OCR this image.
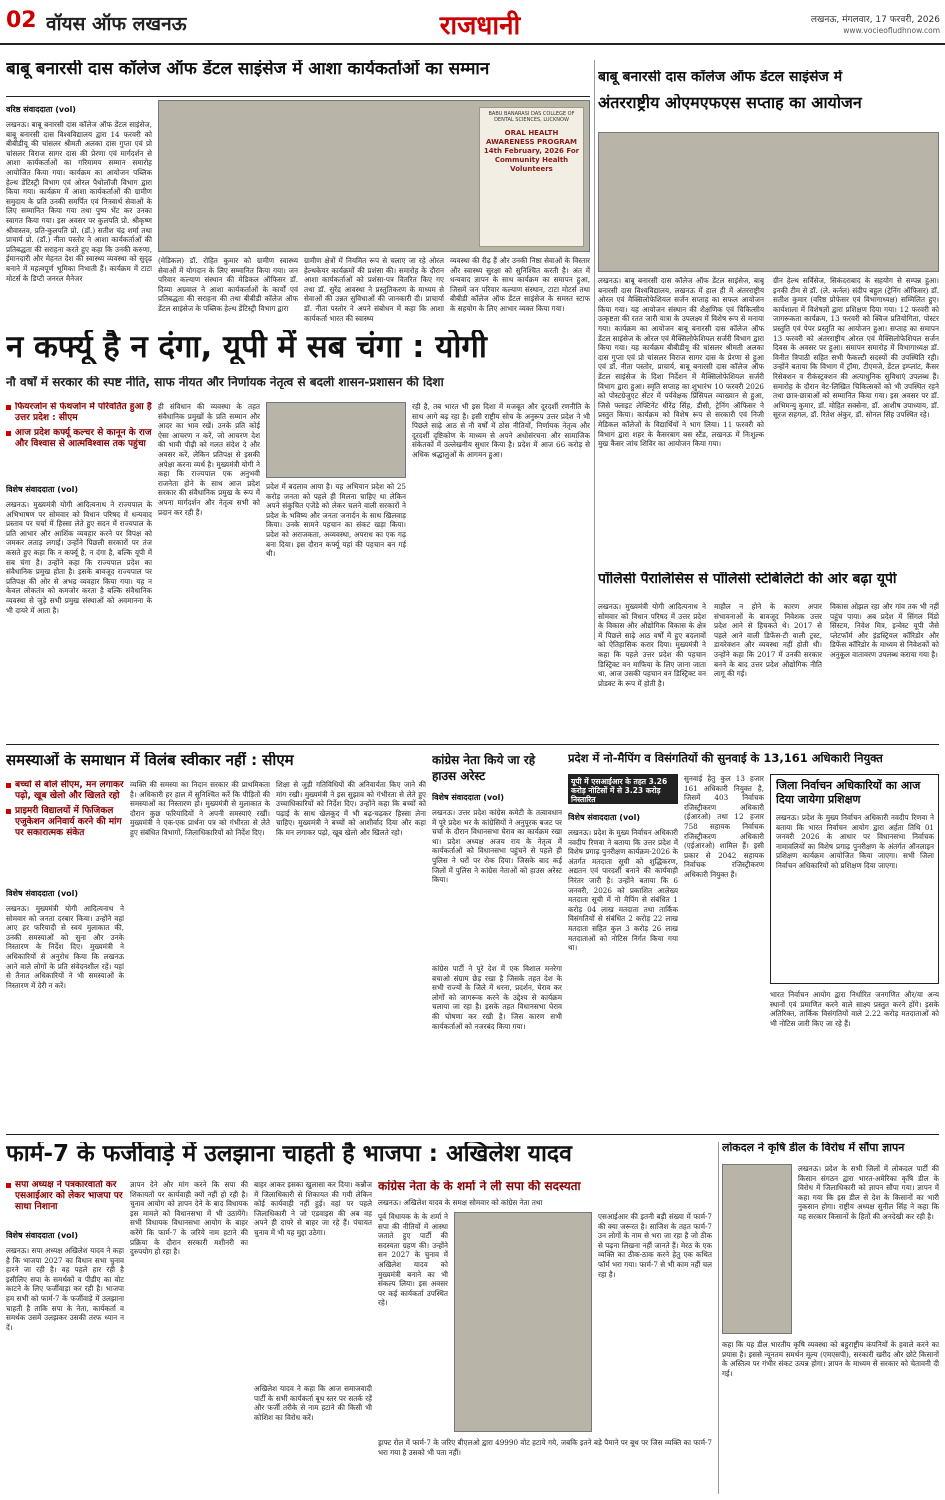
02 वॉयस ऑफ लखनऊ	राजधानी	लखनऊ, मंगलवार, 17 फरवरी, 2026
www.vocieofludhnow.com
बाबू बनारसी दास कॉलेज ऑफ डेंटल साइंसेज में आशा कार्यकर्ताओं का सम्मान
वरिष्ठ संवाददाता (vol)
लखनऊ। बाबू बनारसी दास कॉलेज ऑफ डेंटल साइंसेज, बाबू बनारसी दास विश्वविद्यालय द्वारा 14 फरवरी को बीबीडीयू की चांसलर श्रीमती अलका दास गुप्ता एवं प्रो चांसलर विराज सागर दास की प्रेरणा एवं मार्गदर्शन से आशा कार्यकर्ताओं का गरिमामय सम्मान समारोह आयोजित किया गया। कार्यक्रम का आयोजन पब्लिक हेल्थ डेंटिस्ट्री विभाग एवं ओरल पैथोलॉजी विभाग द्वारा किया गया। कार्यक्रम में आशा कार्यकर्ताओं की ग्रामीण समुदाय के प्रति उनकी समर्पित एवं निःस्वार्थ सेवाओं के लिए सम्मानित किया गया तथा पुष्प भेंट कर उनका स्वागत किया गया। इस अवसर पर कुलपति प्रो. श्रीकृष्ण श्रीवास्तव, प्रति-कुलपति प्रो. (डॉ.) सतीश चंद्र शर्मा तथा प्राचार्य प्रो. (डॉ.) नीता पस्तोर ने आशा कार्यकर्ताओं की प्रतिबद्धता की सराहना करते हुए कहा कि उनकी करुणा, ईमानदारी और मेहनत देश की स्वास्थ्य व्यवस्था को सुदृढ़ बनाने में महत्वपूर्ण भूमिका निभाती हैं। कार्यक्रम में टाटा मोटर्स के डिप्टी जनरल मैनेजर
BABU BANARASI DAS COLLEGE OF DENTAL SCIENCES, LUCKNOW
ORAL HEALTH AWARENESS PROGRAM 14th February, 2026 For Community Health Volunteers
(मेडिकल) डॉ. रोहित कुमार को ग्रामीण स्वास्थ्य सेवाओं में योगदान के लिए सम्मानित किया गया। जन परिवार कल्याण संस्थान की मेडिकल ऑफिसर डॉ. दिव्या अग्रवाल ने आशा कार्यकर्ताओं के कार्यों एवं प्रतिबद्धता की सराहना की तथा बीबीडी कॉलेज ऑफ डेंटल साइंसेज के पब्लिक हेल्थ डेंटिस्ट्री विभाग द्वारा
ग्रामीण क्षेत्रों में नियमित रूप से चलाए जा रहे ओरल हेल्थकेयर कार्यक्रमों की प्रशंसा की। समारोह के दौरान आशा कार्यकर्ताओं को प्रशंसा-पत्र वितरित किए गए तथा डॉ. सुरेंद्र आवस्था ने प्रस्तुतिकरण के माध्यम से सेवाओं की उन्नत सुविधाओं की जानकारी दी। प्राचार्या डॉ. नीता पस्तोर ने अपने संबोधन में कहा कि आशा कार्यकर्ता भारत की स्वास्थ्य
व्यवस्था की रीढ़ हैं और उनकी निष्ठा सेवाओं के विस्तार और स्वास्थ्य सुरक्षा को सुनिश्चित करती है। अंत में धन्यवाद ज्ञापन के साथ कार्यक्रम का समापन हुआ, जिसमें जन परिवार कल्याण संस्थान, टाटा मोटर्स तथा बीबीडी कॉलेज ऑफ डेंटल साइंसेज के समस्त स्टाफ के सहयोग के लिए आभार व्यक्त किया गया।
बाबू बनारसी दास कॉलेज ऑफ डेंटल साइंसेज में
अंतरराष्ट्रीय ओएमएफएस सप्ताह का आयोजन
लखनऊ। बाबू बनारसी दास कॉलेज ऑफ डेंटल साइंसेज, बाबू बनारसी दास विश्वविद्यालय, लखनऊ में हाल ही में अंतरराष्ट्रीय ओरल एवं मैक्सिलोफेशियल सर्जन सप्ताह का सफल आयोजन किया गया। यह आयोजन संस्थान की शैक्षणिक एवं चिकित्सीय उत्कृष्टता की रतत जारी यात्रा के उपलक्ष्य में विशेष रूप से मनाया गया। कार्यक्रम का आयोजन बाबू बनारसी दास कॉलेज ऑफ डेंटल साइंसेज के ओरल एवं मैक्सिलोफेशियल सर्जरी विभाग द्वारा किया गया। यह कार्यक्रम बीबीडीयू की चांसलर श्रीमती अलका दास गुप्ता एवं प्रो चांसलर विराज सागर दास के प्रेरणा से हुआ एवं डॉ. नीता पस्तोर, प्राचार्य, बाबू बनारसी दास कॉलेज ऑफ डेंटल साइंसेज के दिशा निर्देशन में मैक्सिलोफेशियल सर्जरी विभाग द्वारा हुआ। स्मृति सप्ताह का शुभारंभ 10 फरवरी 2026 को पोस्टग्रेजुएट सेंटर में पर्यवेक्षक प्रिंसिपल व्याख्यान से हुआ, जिसे फ्लाइट लेफ्टिनेंट धीरेंद्र सिंह, डीसी, ट्रेनिंग ऑफिसर ने प्रस्तुत किया। कार्यक्रम को विशेष रूप से सरकारी एवं निजी मेडिकल कॉलेजों के विद्यार्थियों ने भाग लिया। 11 फरवरी को विभाग द्वारा शहर के कैसरबाग बस स्टैंड, लखनऊ में निःशुल्क मुख कैंसर जांच शिविर का आयोजन किया गया।
ग्रीन हेल्थ सर्विसेज, सिकंदराबाद के सहयोग से सम्पन्न हुआ। इनकी टीम से डॉ. (ले. कर्नल) संदीप बहुल (ट्रेनिंग ऑफिसर) डॉ. सतीश कुमार (वरिष्ठ प्रोफेसर एवं विभागाध्यक्ष) सम्मिलित हुए। कार्यशाला में विशेषज्ञों द्वारा प्रशिक्षण दिया गया। 12 फरवरी को जागरूकता कार्यक्रम, 13 फरवरी को क्विज प्रतियोगिता, पोस्टर प्रस्तुति एवं पेपर प्रस्तुति का आयोजन हुआ। सप्ताह का समापन 13 फरवरी को अंतरराष्ट्रीय ओरल एवं मैक्सिलोफेशियल सर्जन दिवस के अवसर पर हुआ। समापन समारोह में विभागाध्यक्ष डॉ. विनीत त्रिपाठी सहित सभी फैकल्टी सदस्यों की उपस्थिति रही। उन्होंने बताया कि विभाग में ट्रॉमा, टीएमजे, डेंटल इम्प्लांट, कैंसर रिसेक्शन व रीकंस्ट्रक्शन की अत्याधुनिक सुविधाएं उपलब्ध हैं। समारोह के दौरान वेट-लिखित चिकित्सकों को भी उपस्थित रहने तथा छात्र-छात्राओं को सम्मानित किया गया। इस अवसर पर डॉ. अभिमन्यु कुमार, डॉ. मोहित सक्सेना, डॉ. आशीष उपाध्याय, डॉ. सूरज सहगल, डॉ. रितेश अंकुर, डॉ. सोनल सिंह उपस्थित रहे।
न कर्फ्यू है न दंगा, यूपी में सब चंगा : योगी
नौ वर्षों में सरकार की स्पष्ट नीति, साफ नीयत और निर्णायक नेतृत्व से बदली शासन-प्रशासन की दिशा
फियरजोन से फेथजोन में परिवर्तित हुआ है उत्तर प्रदेश : सीएम
आज प्रदेश कर्फ्यू कल्चर से कानून के राज और विश्वास से आत्मविश्वास तक पहुंचा
विशेष संवाददाता (vol)
लखनऊ। मुख्यमंत्री योगी आदित्यनाथ ने राज्यपाल के अभिभाषण पर सोमवार को विधान परिषद में धन्यवाद प्रस्ताव पर चर्चा में हिस्सा लेते हुए सदन में राज्यपाल के प्रति आभार और आशिंक व्यवहार करने पर विपक्ष को जमकर लताड़ लगाई। उन्होंने पिछली सरकारों पर तंज कसते हुए कहा कि न कर्फ्यू है, न दंगा है, बल्कि यूपी में सब चंगा है। उन्होंने कहा कि राज्यपाल प्रदेश का संवैधानिक प्रमुख होता है। इसके बावजूद राज्यपाल पर प्रतिपक्ष की ओर से अभद्र व्यवहार किया गया। यह न केवल लोकतंत्र को कमजोर करता है बल्कि संवैधानिक व्यवस्था से जुड़े सभी प्रमुख संस्थाओं को अवमानना के भी दायरे में आता है।
ही संविधान की व्यवस्था के तहत संवैधानिक प्रमुखों के प्रति सम्मान और आदर का भाव रखें। उनके प्रति कोई ऐसा आचरण न करें, जो आचरण देश की भावी पीढ़ी को गलत संदेश दे और अवसर करें, लेकिन प्रतिपक्ष से इसकी अपेक्षा करना व्यर्थ है। मुख्यमंत्री योगी ने कहा कि राज्यपाल एक अनुभवी राजनेता होने के साथ आज प्रदेश सरकार की संवैधानिक प्रमुख के रूप में अपना मार्गदर्शन और नेतृत्व सभी को प्रदान कर रही हैं।
प्रदेश में बदलाव आया है। यह अभियान प्रदेश को 25 करोड़ जनता को पहले ही मिलना चाहिए था लेकिन अपने संकुचित एजेंडे को लेकर चलने वाली सरकारों ने प्रदेश के भविष्य और जनता जनार्दन के साथ खिलवाड़ किया। उनके सामने पहचान का संकट खड़ा किया। प्रदेश को अराजकता, अव्यवस्था, अपराध का एक गढ़ बना दिया। इस दौरान कर्फ्यू यहां की पहचान बन गई थी।
रही है, तब भारत भी इस दिशा में मजबूत और दूरदर्शी रणनीति के साथ आगे बढ़ रहा है। इसी राष्ट्रीय सोच के अनुरूप उत्तर प्रदेश ने भी पिछले साढ़े आठ से नौ वर्षों में ठोस नीतियों, निर्णायक नेतृत्व और दूरदर्शी दृष्टिकोण के माध्यम से अपने अधोसंरचना और सामाजिक संकेतकों में उल्लेखनीय सुधार किया है। प्रदेश में आज 66 करोड़ से अधिक श्रद्धालुओं के आगमन हुआ।
पॉलिसी पैरालिसिस से पॉलिसी स्टेबिलिटी की ओर बढ़ा यूपी
लखनऊ। मुख्यमंत्री योगी आदित्यनाथ ने सोमवार को विधान परिषद में उत्तर प्रदेश के विकास और औद्योगिक विकास के क्षेत्र में पिछले साढ़े आठ वर्षों में हुए बदलावों को ऐतिहासिक करार दिया। मुख्यमंत्री ने कहा कि पहले उत्तर प्रदेश की पहचान डिस्ट्रिक्ट वन माफिया के लिए जाना जाता था, आज उसकी पहचान वन डिस्ट्रिक्ट वन प्रोडक्ट के रूप में होती है।
माहौल न होने के कारण अपार संभावनाओं के बावजूद निवेशक उत्तर प्रदेश आने से हिचकते थे। 2017 से पहले आने वाली डिफेंस-टी वाली ट्रस्ट, डायरेक्शन और व्यवस्था नहीं होती थी। उन्होंने कहा कि 2017 में उनकी सरकार बनने के बाद उत्तर प्रदेश औद्योगिक नीति लागू की गई।
विकास ओझल रहा और गांव तक भी नहीं पहुंच पाया। अब प्रदेश में सिंगल विंडो सिस्टम, निवेश मित्र, इन्वेस्ट यूपी जैसे प्लेटफॉर्म और इंडस्ट्रियल कॉरिडोर और डिफेंस कॉरिडोर के माध्यम से निवेशकों को अनुकूल वातावरण उपलब्ध कराया गया है।
समस्याओं के समाधान में विलंब स्वीकार नहीं : सीएम
बच्चों से बोले सीएम, मन लगाकर पढ़ो, खूब खेलो और खिलते रहो
प्राइमरी विद्यालयों में फिजिकल एजुकेशन अनिवार्य करने की मांग पर सकारात्मक संकेत
विशेष संवाददाता (vol)
लखनऊ। मुख्यमंत्री योगी आदित्यनाथ ने सोमवार को जनता दरबार किया। उन्होंने वहां आए हर फरियादी से स्वयं मुलाकात की, उनकी समस्याओं को सुना और उनके निस्तारण के निर्देश दिए। मुख्यमंत्री ने अधिकारियों से अनुरोध किया कि लखनऊ आने वाले लोगों के प्रति संवेदनशील रहें। यहां से तैनात अधिकारियों ने भी समस्याओं के निस्तारण में देरी न करें।
व्यक्ति की समस्या का निदान सरकार की प्राथमिकता है। अधिकारी हर हाल में सुनिश्चित करें कि पीड़ितों की समस्याओं का निस्तारण हो। मुख्यमंत्री से मुलाकात के दौरान कुछ फरियादियों ने अपनी समस्याएं रखीं। मुख्यमंत्री ने एक-एक प्रार्थना पत्र को गंभीरता से लेते हुए संबंधित विभागों, जिलाधिकारियों को निर्देश दिए।
शिक्षा से जुड़ी गतिविधियों की अनिवार्यता किए जाने की मांग रखी। मुख्यमंत्री ने इस सुझाव को गंभीरता से लेते हुए उच्चाधिकारियों को निर्देश दिए। उन्होंने कहा कि बच्चों को पढ़ाई के साथ खेलकूद में भी बढ़-चढ़कर हिस्सा लेना चाहिए। मुख्यमंत्री ने बच्चों को आशीर्वाद दिया और कहा कि मन लगाकर पढ़ो, खूब खेलो और खिलते रहो।
कांग्रेस नेता किये जा रहे हाउस अरेस्ट
विशेष संवाददाता (vol)
लखनऊ। उत्तर प्रदेश कांग्रेस कमेटी के तत्वावधान में पूरे प्रदेश भर के कांग्रेसियों ने अनुपूरक बजट पर चर्चा के दौरान विधानसभा घेराव का कार्यक्रम रखा था। प्रदेश अध्यक्ष अजय राय के नेतृत्व में कार्यकर्ताओं को विधानसभा पहुंचने से पहले ही पुलिस ने घरों पर रोक दिया। जिसके बाद कई जिलों में पुलिस ने कांग्रेस नेताओं को हाउस अरेस्ट किया।
कांग्रेस पार्टी ने पूरे देश में एक विशाल मनरेगा बचाओ संग्राम छेड़ रखा है जिसके तहत देश के सभी राज्यों के जिले में धरना, प्रदर्शन, घेराव कर लोगों को जागरूक करने के उद्देश्य से कार्यक्रम चलाया जा रहा है। इसके तहत विधानसभा घेराव की घोषणा कर रखी है। जिस कारण सभी कार्यकर्ताओं को नजरबंद किया गया।
प्रदेश में नो-मैपिंग व विसंगतियों की सुनवाई के 13,161 अधिकारी नियुक्त
यूपी में एसआईआर के तहत 3.26 करोड़ नोटिसों में से 3.23 करोड़ निस्तारित
विशेष संवाददाता (vol)
लखनऊ। प्रदेश के मुख्य निर्वाचन अधिकारी नवदीप रिणवा ने बताया कि उत्तर प्रदेश में विशेष प्रगाढ़ पुनरीक्षण कार्यक्रम-2026 के अंतर्गत मतदाता सूची को शुद्धिकरण, अद्यतन एवं पारदर्शी बनाने की कार्यवाही निरंतर जारी है। उन्होंने बताया कि 6 जनवरी, 2026 को प्रकाशित आलेख्य मतदाता सूची में नो मैपिंग से संबंधित 1 करोड़ 04 लाख मतदाता तथा तार्किक विसंगतियों से संबंधित 2 करोड़ 22 लाख मतदाता सहित कुल 3 करोड़ 26 लाख मतदाताओं को नोटिस निर्गत किया गया था।
सुनवाई हेतु कुल 13 हजार 161 अधिकारी नियुक्त है, जिसमें 403 निर्वाचक रजिस्ट्रीकरण अधिकारी (ईआरओ) तथा 12 हजार 758 सहायक निर्वाचक रजिस्ट्रीकरण अधिकारी (एईआरओ) शामिल हैं। इसी प्रकार से 2042 सहायक निर्वाचक रजिस्ट्रीकरण अधिकारी नियुक्त हैं।
जिला निर्वाचन अधिकारियों का आज दिया जायेगा प्रशिक्षण
लखनऊ। प्रदेश के मुख्य निर्वाचन अधिकारी नवदीप रिणवा ने बताया कि भारत निर्वाचन आयोग द्वारा अर्हता तिथि 01 जनवरी 2026 के आधार पर विधानसभा निर्वाचक नामावलियों का विशेष प्रगाढ़ पुनरीक्षण के अंतर्गत ऑनलाइन प्रशिक्षण कार्यक्रम आयोजित किया जाएगा। सभी जिला निर्वाचन अधिकारियों को प्रशिक्षण दिया जाएगा।
भारत निर्वाचन आयोग द्वारा निर्धारित जनगणित और/या अन्य स्थानों एवं प्रमाणित करने वाले साक्ष्य प्रस्तुत करने होंगे। इसके अतिरिक्त, तार्किक विसंगतियों वाले 2.22 करोड़ मतदाताओं को भी नोटिस जारी किए जा रहे हैं।
फार्म-7 के फर्जीवाड़े में उलझाना चाहती है भाजपा : अखिलेश यादव
सपा अध्यक्ष ने पत्रकारवार्ता कर एसआईआर को लेकर भाजपा पर साधा निशाना
विशेष संवाददाता (vol)
लखनऊ। सपा अध्यक्ष अखिलेश यादव ने कहा है कि भाजपा 2027 का विधान सभा चुनाव हारने जा रही है। वह पहले हार रही है इसीलिए सपा के समर्थकों व पीडीए का वोट काटने के लिए फर्जीवाड़ा कर रही है। भाजपा हम सभी को फार्म-7 के फर्जीवाड़े में उलझाना चाहती है ताकि सपा के नेता, कार्यकर्ता व समर्थक उसमें उलझकर उसकी तरफ ध्यान न दें।
ज्ञापन देने और मांग करने कि सपा की शिकायतों पर कार्यवाही क्यों नहीं हो रही है। चुनाव आयोग को ज्ञापन देने के बाद विधायक इस मामले को विधानसभा में भी उठायेंगे। सभी विधायक विधानसभा आयोग के बाहर करेंगे कि फार्म-7 के जरिये नाम हटाने की प्रक्रिया के दौरान सरकारी मशीनरी का दुरुपयोग हो रहा है।
बाहर आकर इसका खुलासा कर दिया। कन्नौज में जिलाधिकारी से शिकायत की गयी लेकिन कोई कार्यवाही नहीं हुई। वहां पर पहले जिलाधिकारी ने जो एडवाइस की अब वह अपने ही दायरे से बाहर जा रहे हैं। पंचायत चुनाव में भी यह मुद्दा उठेगा।
अखिलेश यादव ने कहा कि आज समाजवादी पार्टी के सभी कार्यकर्ता बूथ स्तर पर सतर्क रहें और फर्जी तरीके से नाम हटाने की किसी भी कोशिश का विरोध करें।
कांग्रेस नेता के के शर्मा ने ली सपा की सदस्यता
लखनऊ। अखिलेश यादव के समक्ष सोमवार को कांग्रेस नेता तथा
पूर्व विधायक के के शर्मा ने सपा की नीतियों में आस्था जताते हुए पार्टी की सदस्यता ग्रहण की। उन्होंने सन 2027 के चुनाव में अखिलेश यादव को मुख्यमंत्री बनाने का भी संकल्प लिया। इस अवसर पर कई कार्यकर्ता उपस्थित रहे।
एसआईआर की इतनी बड़ी संख्या में फार्म-7 की क्या जरूरत है। साजिश के तहत फार्म-7 उन लोगों के नाम से भरा जा रहा है जो ठीक से पढ़ना लिखना नहीं जानते हैं। मेरठ के एक व्यक्ति का ठीक-ठाक करने हेतु एक कथित फॉर्म भरा गया। फार्म-7 से भी काम नहीं चल रहा है।
ड्राफ्ट रोल में फार्म-7 के जरिए बीएलओ द्वारा 49990 वोट हटाये गये, जबकि इतने बड़े पैमाने पर बूथ पर जिस व्यक्ति का फार्म-7 भरा गया है उसको भी पता नहीं।
लोकदल ने कृषि डील के विरोध में सौंपा ज्ञापन
लखनऊ। प्रदेश के सभी जिलों में लोकदल पार्टी की किसान संगठन द्वारा भारत-अमेरिका कृषि डील के विरोध में जिलाधिकारी को ज्ञापन सौंपा गया। ज्ञापन में कहा गया कि इस डील से देश के किसानों का भारी नुकसान होगा। राष्ट्रीय अध्यक्ष सुनील सिंह ने कहा कि यह सरकार किसानों के हितों की अनदेखी कर रही है।
कहा कि यह डील भारतीय कृषि व्यवस्था को बहुराष्ट्रीय कंपनियों के हवाले करने का प्रयास है। इससे न्यूनतम समर्थन मूल्य (एमएसपी), सरकारी खरीद और छोटे किसानों के अस्तित्व पर गंभीर संकट उत्पन्न होगा। ज्ञापन के माध्यम से सरकार को चेतावनी दी गई।
